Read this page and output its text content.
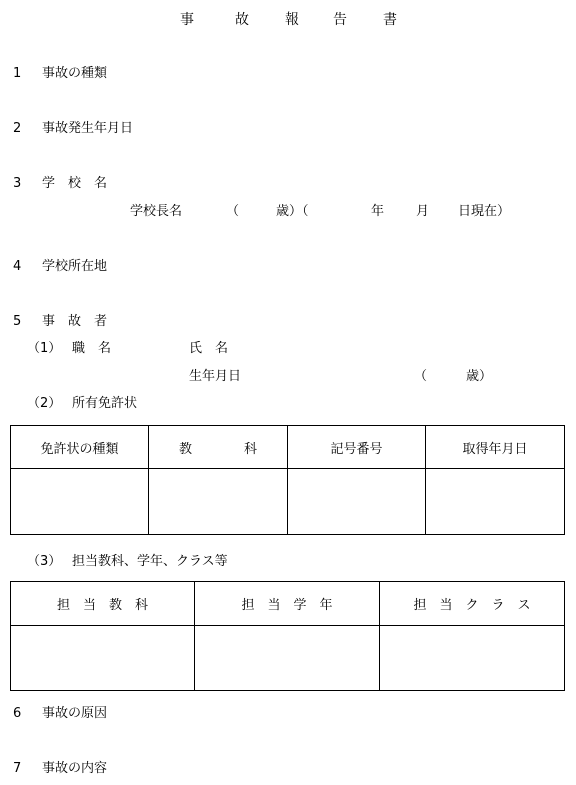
事	故	報 告	書
1 事故の種類
2 事故発生年月日
3 学　校　名
学校長名	（	歳）（	年 月 日現在）
4 学校所在地
5 事　故　者
（1） 職　名	氏　名
生年月日	（	歳）
（2） 所有免許状
免許状の種類	教　　　　科	記号番号	取得年月日

（3） 担当教科、学年、クラス等
担　当　教　科	担　当　学　年	担　当　ク　ラ　ス

6 事故の原因
7 事故の内容
